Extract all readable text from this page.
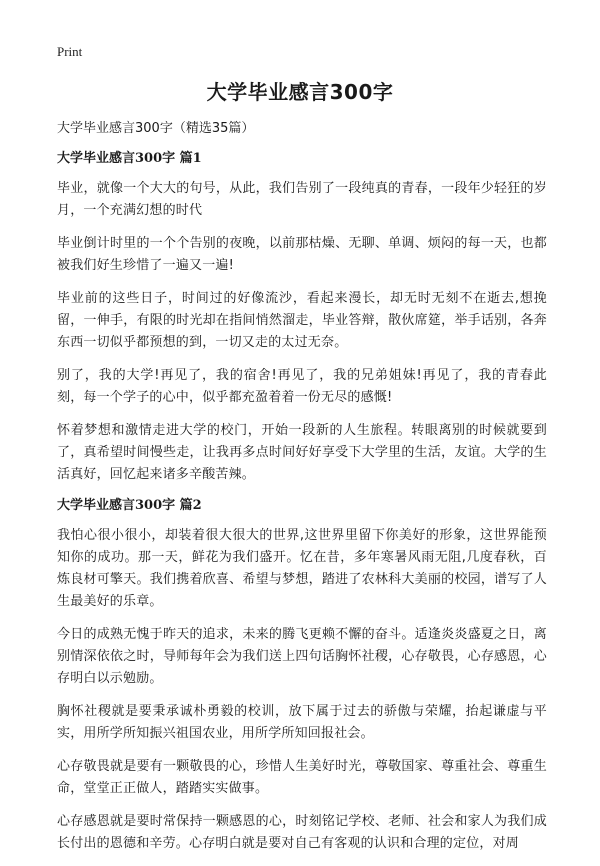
Print
大学毕业感言300字

大学毕业感言300字（精选35篇）

大学毕业感言300字 篇1

毕业，就像一个大大的句号，从此，我们告别了一段纯真的青春，一段年少轻狂的岁月，一个充满幻想的时代

毕业倒计时里的一个个告别的夜晚，以前那枯燥、无聊、单调、烦闷的每一天，也都被我们好生珍惜了一遍又一遍!

毕业前的这些日子，时间过的好像流沙，看起来漫长，却无时无刻不在逝去,想挽留，一伸手，有限的时光却在指间悄然溜走，毕业答辩，散伙席筵，举手话别，各奔东西一切似乎都预想的到，一切又走的太过无奈。

别了，我的大学!再见了，我的宿舍!再见了，我的兄弟姐妹!再见了，我的青春此刻，每一个学子的心中，似乎都充盈着着一份无尽的感慨!

怀着梦想和激情走进大学的校门，开始一段新的人生旅程。转眼离别的时候就要到了，真希望时间慢些走，让我再多点时间好好享受下大学里的生活，友谊。大学的生活真好，回忆起来诸多辛酸苦辣。

大学毕业感言300字 篇2

我怕心很小很小，却装着很大很大的世界,这世界里留下你美好的形象，这世界能预知你的成功。那一天，鲜花为我们盛开。忆在昔，多年寒暑风雨无阻,几度春秋，百炼良材可擎天。我们携着欣喜、希望与梦想，踏进了农林科大美丽的校园，谱写了人生最美好的乐章。

今日的成熟无愧于昨天的追求，未来的腾飞更赖不懈的奋斗。适逢炎炎盛夏之日，离别情深依依之时，导师每年会为我们送上四句话胸怀社稷，心存敬畏，心存感恩，心存明白以示勉励。

胸怀社稷就是要秉承诚朴勇毅的校训，放下属于过去的骄傲与荣耀，抬起谦虚与平实，用所学所知振兴祖国农业，用所学所知回报社会。

心存敬畏就是要有一颗敬畏的心，珍惜人生美好时光，尊敬国家、尊重社会、尊重生命，堂堂正正做人，踏踏实实做事。

心存感恩就是要时常保持一颗感恩的心，时刻铭记学校、老师、社会和家人为我们成长付出的恩德和辛劳。心存明白就是要对自己有客观的认识和合理的定位，对周
